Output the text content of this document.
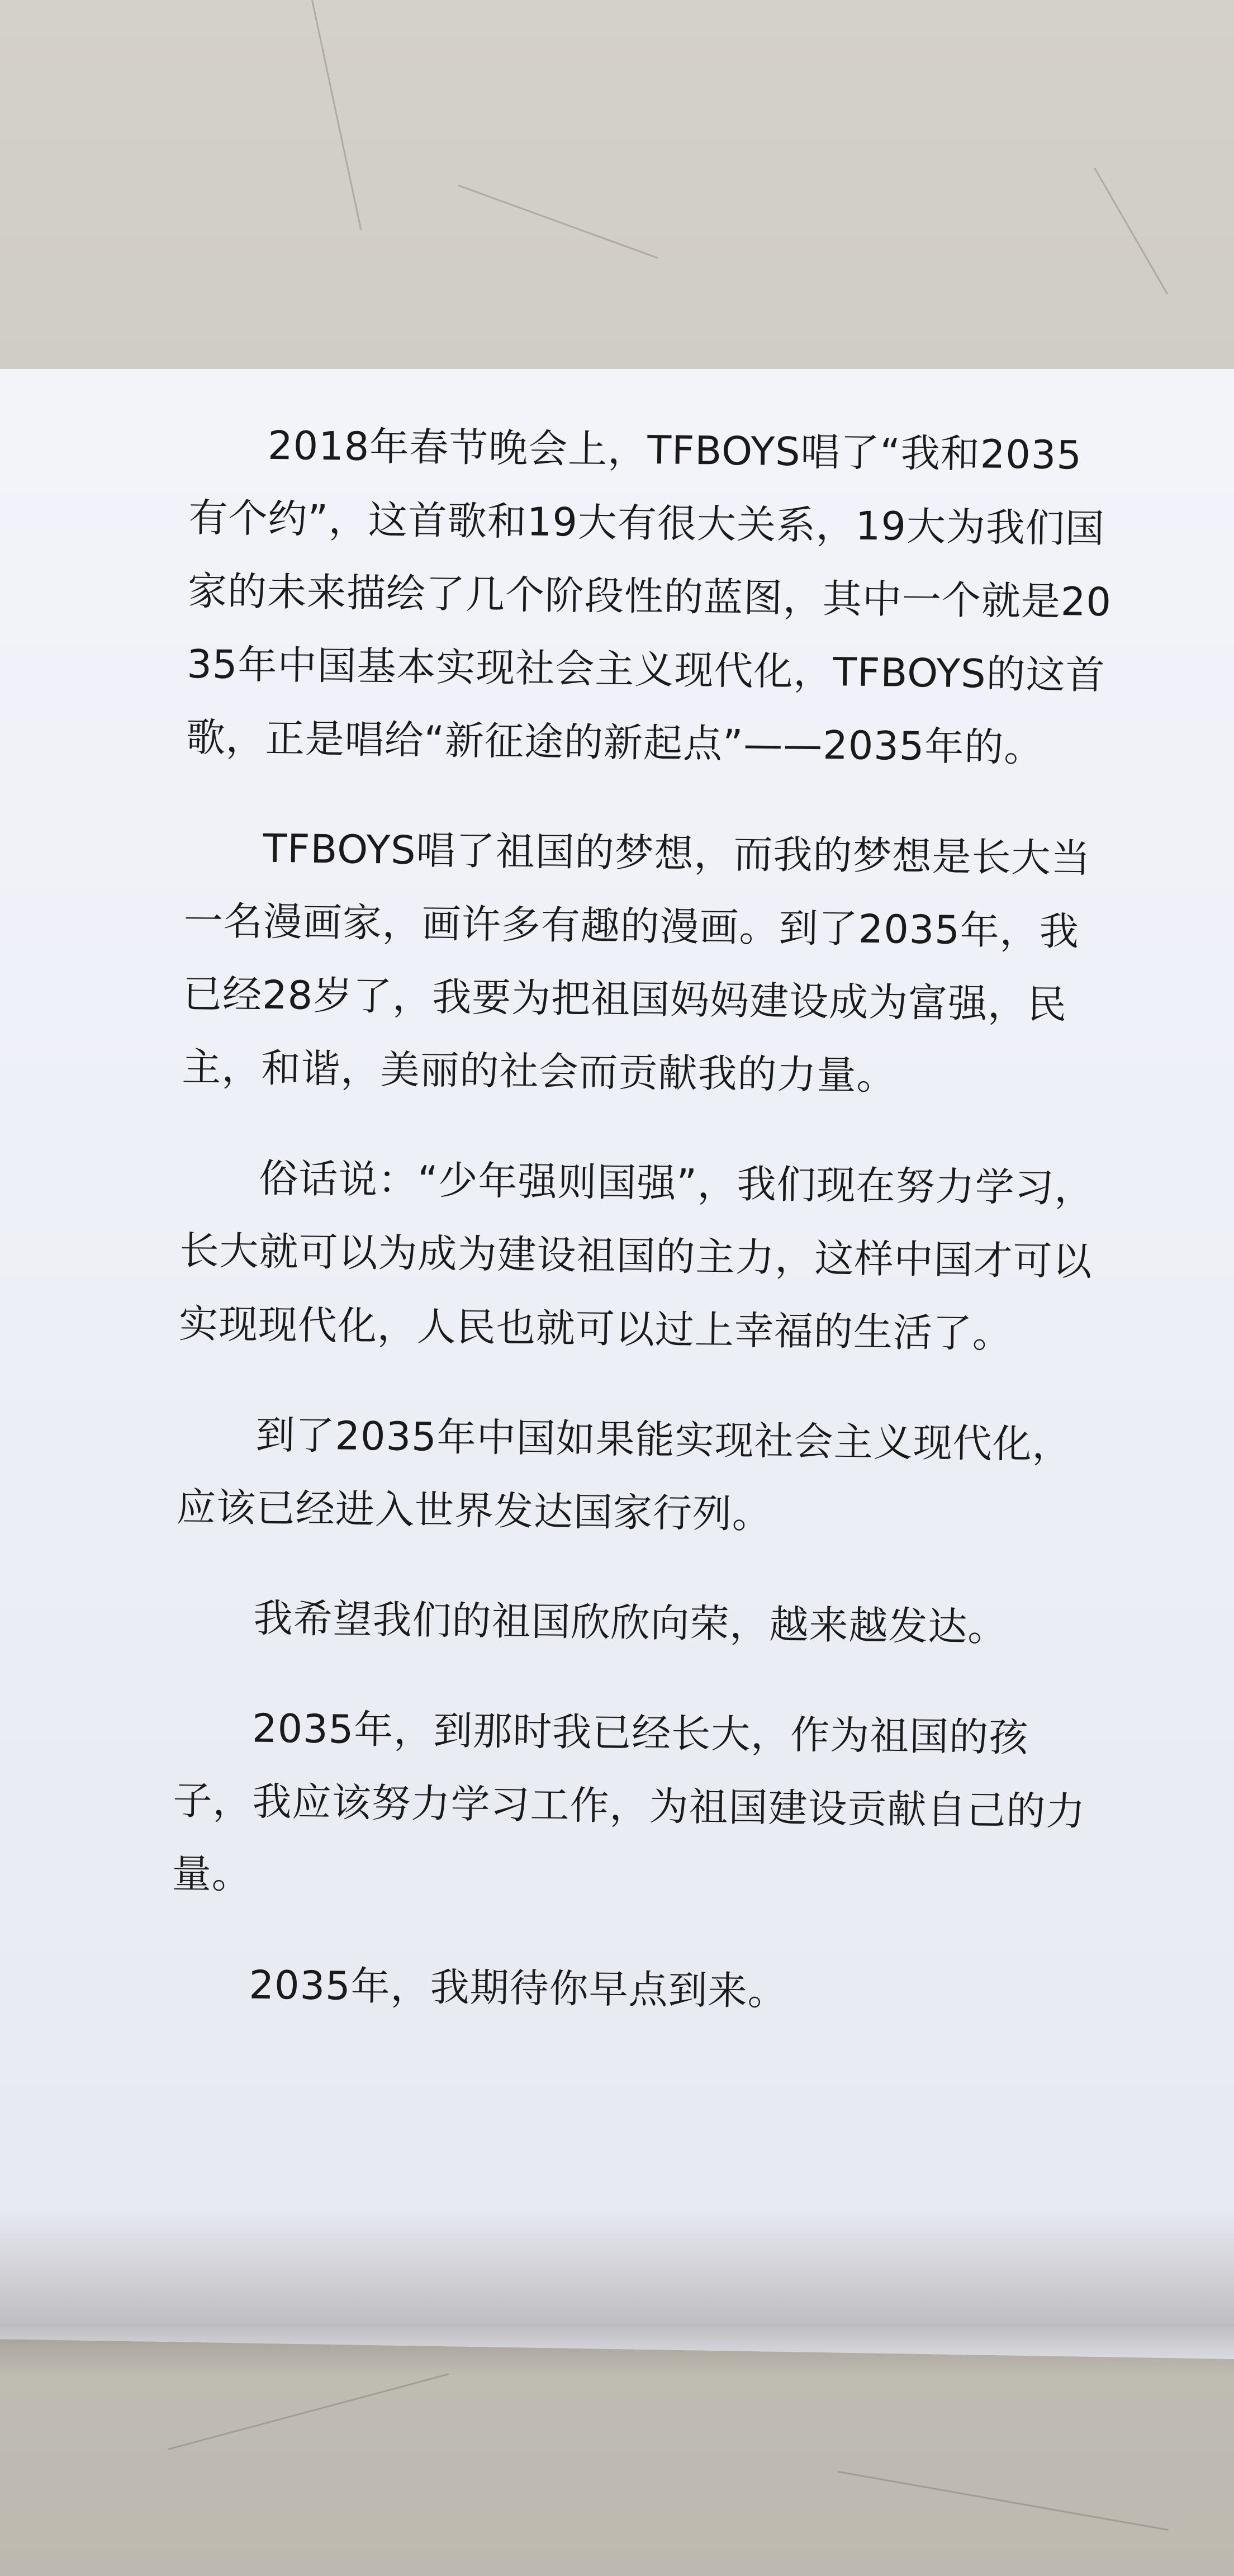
2018年春节晚会上，TFBOYS唱了“我和2035有个约”，这首歌和19大有很大关系，19大为我们国家的未来描绘了几个阶段性的蓝图，其中一个就是2035年中国基本实现社会主义现代化，TFBOYS的这首歌，正是唱给“新征途的新起点”——2035年的。

TFBOYS唱了祖国的梦想，而我的梦想是长大当一名漫画家，画许多有趣的漫画。到了2035年，我已经28岁了，我要为把祖国妈妈建设成为富强，民主，和谐，美丽的社会而贡献我的力量。

俗话说：“少年强则国强”，我们现在努力学习，长大就可以为成为建设祖国的主力，这样中国才可以实现现代化，人民也就可以过上幸福的生活了。

到了2035年中国如果能实现社会主义现代化，应该已经进入世界发达国家行列。

我希望我们的祖国欣欣向荣，越来越发达。

2035年，到那时我已经长大，作为祖国的孩子，我应该努力学习工作，为祖国建设贡献自己的力量。

2035年，我期待你早点到来。
